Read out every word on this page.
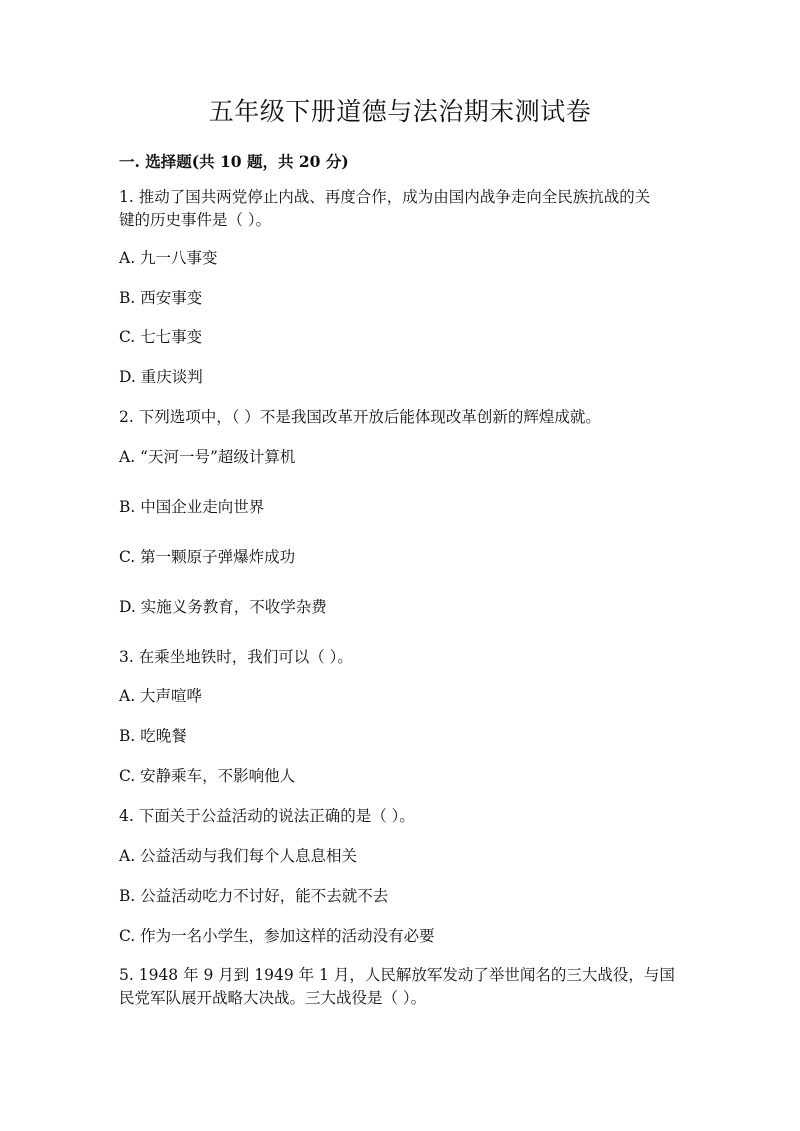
五年级下册道德与法治期末测试卷
一. 选择题(共 10 题，共 20 分)
1. 推动了国共两党停止内战、再度合作，成为由国内战争走向全民族抗战的关
键的历史事件是（ ）。
A. 九一八事变
B. 西安事变
C. 七七事变
D. 重庆谈判
2. 下列选项中，（ ）不是我国改革开放后能体现改革创新的辉煌成就。
A. “天河一号”超级计算机
B. 中国企业走向世界
C. 第一颗原子弹爆炸成功
D. 实施义务教育，不收学杂费
3. 在乘坐地铁时，我们可以（ ）。
A. 大声喧哗
B. 吃晚餐
C. 安静乘车，不影响他人
4. 下面关于公益活动的说法正确的是（ ）。
A. 公益活动与我们每个人息息相关
B. 公益活动吃力不讨好，能不去就不去
C. 作为一名小学生，参加这样的活动没有必要
5. 1948 年 9 月到 1949 年 1 月，人民解放军发动了举世闻名的三大战役，与国
民党军队展开战略大决战。三大战役是（ ）。
